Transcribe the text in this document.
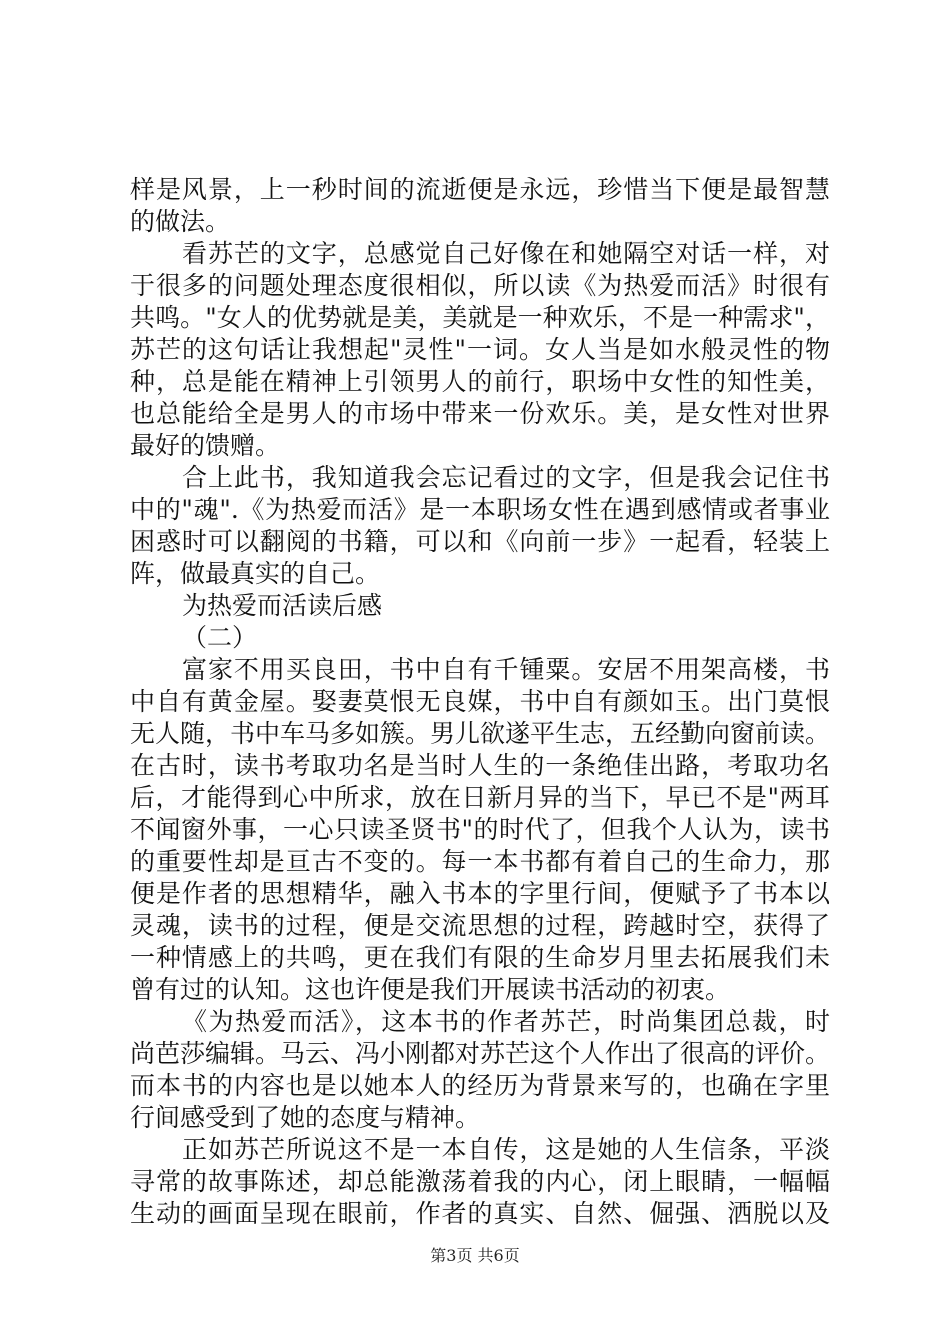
样是风景，上一秒时间的流逝便是永远，珍惜当下便是最智慧
的做法。
看苏芒的文字，总感觉自己好像在和她隔空对话一样，对
于很多的问题处理态度很相似，所以读《为热爱而活》时很有
共鸣。"女人的优势就是美，美就是一种欢乐，不是一种需求"，
苏芒的这句话让我想起"灵性"一词。女人当是如水般灵性的物
种，总是能在精神上引领男人的前行，职场中女性的知性美，
也总能给全是男人的市场中带来一份欢乐。美，是女性对世界
最好的馈赠。
合上此书，我知道我会忘记看过的文字，但是我会记住书
中的"魂".《为热爱而活》是一本职场女性在遇到感情或者事业
困惑时可以翻阅的书籍，可以和《向前一步》一起看，轻装上
阵，做最真实的自己。
为热爱而活读后感
（二）
富家不用买良田，书中自有千锺粟。安居不用架高楼，书
中自有黄金屋。娶妻莫恨无良媒，书中自有颜如玉。出门莫恨
无人随，书中车马多如簇。男儿欲遂平生志，五经勤向窗前读。
在古时，读书考取功名是当时人生的一条绝佳出路，考取功名
后，才能得到心中所求，放在日新月异的当下，早已不是"两耳
不闻窗外事，一心只读圣贤书"的时代了，但我个人认为，读书
的重要性却是亘古不变的。每一本书都有着自己的生命力，那
便是作者的思想精华，融入书本的字里行间，便赋予了书本以
灵魂，读书的过程，便是交流思想的过程，跨越时空，获得了
一种情感上的共鸣，更在我们有限的生命岁月里去拓展我们未
曾有过的认知。这也许便是我们开展读书活动的初衷。
《为热爱而活》，这本书的作者苏芒，时尚集团总裁，时
尚芭莎编辑。马云、冯小刚都对苏芒这个人作出了很高的评价。
而本书的内容也是以她本人的经历为背景来写的，也确在字里
行间感受到了她的态度与精神。
正如苏芒所说这不是一本自传，这是她的人生信条，平淡
寻常的故事陈述，却总能激荡着我的内心，闭上眼睛，一幅幅
生动的画面呈现在眼前，作者的真实、自然、倔强、洒脱以及
第3页 共6页
